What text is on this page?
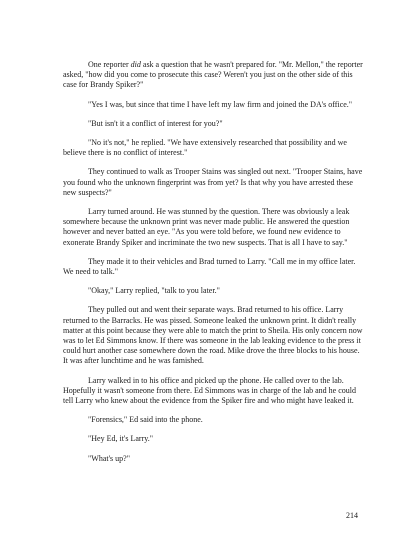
One reporter did ask a question that he wasn't prepared for. "Mr. Mellon," the reporter asked, "how did you come to prosecute this case? Weren't you just on the other side of this case for Brandy Spiker?"

"Yes I was, but since that time I have left my law firm and joined the DA's office."

"But isn't it a conflict of interest for you?"

"No it's not," he replied. "We have extensively researched that possibility and we believe there is no conflict of interest."

They continued to walk as Trooper Stains was singled out next. "Trooper Stains, have you found who the unknown fingerprint was from yet? Is that why you have arrested these new suspects?"

Larry turned around. He was stunned by the question. There was obviously a leak somewhere because the unknown print was never made public. He answered the question however and never batted an eye. "As you were told before, we found new evidence to exonerate Brandy Spiker and incriminate the two new suspects. That is all I have to say."

They made it to their vehicles and Brad turned to Larry. "Call me in my office later. We need to talk."

"Okay," Larry replied, "talk to you later."

They pulled out and went their separate ways. Brad returned to his office. Larry returned to the Barracks. He was pissed. Someone leaked the unknown print. It didn't really matter at this point because they were able to match the print to Sheila. His only concern now was to let Ed Simmons know. If there was someone in the lab leaking evidence to the press it could hurt another case somewhere down the road. Mike drove the three blocks to his house. It was after lunchtime and he was famished.

Larry walked in to his office and picked up the phone. He called over to the lab. Hopefully it wasn't someone from there. Ed Simmons was in charge of the lab and he could tell Larry who knew about the evidence from the Spiker fire and who might have leaked it.

"Forensics," Ed said into the phone.

"Hey Ed, it's Larry."

"What's up?"

214
